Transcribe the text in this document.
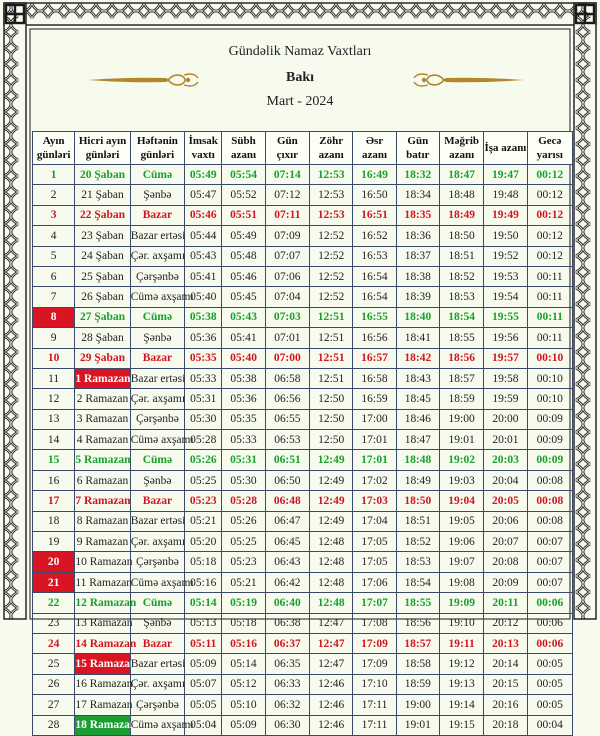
Gündəlik Namaz Vaxtları
Bakı
Mart - 2024
Ayın günləri	Hicri ayın günləri	Həftənin günləri	İmsak vaxtı	Sübh azanı	Gün çıxır	Zöhr azanı	Əsr azanı	Gün batır	Məğrib azanı	İşa azanı	Gecə yarısı
1	20 Şaban	Cümə	05:49	05:54	07:14	12:53	16:49	18:32	18:47	19:47	00:12
2	21 Şaban	Şənbə	05:47	05:52	07:12	12:53	16:50	18:34	18:48	19:48	00:12
3	22 Şaban	Bazar	05:46	05:51	07:11	12:53	16:51	18:35	18:49	19:49	00:12
4	23 Şaban	Bazar ertəsi	05:44	05:49	07:09	12:52	16:52	18:36	18:50	19:50	00:12
5	24 Şaban	Çər. axşamı	05:43	05:48	07:07	12:52	16:53	18:37	18:51	19:52	00:12
6	25 Şaban	Çərşənbə	05:41	05:46	07:06	12:52	16:54	18:38	18:52	19:53	00:11
7	26 Şaban	Cümə axşamı	05:40	05:45	07:04	12:52	16:54	18:39	18:53	19:54	00:11
8	27 Şaban	Cümə	05:38	05:43	07:03	12:51	16:55	18:40	18:54	19:55	00:11
9	28 Şaban	Şənbə	05:36	05:41	07:01	12:51	16:56	18:41	18:55	19:56	00:11
10	29 Şaban	Bazar	05:35	05:40	07:00	12:51	16:57	18:42	18:56	19:57	00:10
11	1 Ramazan	Bazar ertəsi	05:33	05:38	06:58	12:51	16:58	18:43	18:57	19:58	00:10
12	2 Ramazan	Çər. axşamı	05:31	05:36	06:56	12:50	16:59	18:45	18:59	19:59	00:10
13	3 Ramazan	Çərşənbə	05:30	05:35	06:55	12:50	17:00	18:46	19:00	20:00	00:09
14	4 Ramazan	Cümə axşamı	05:28	05:33	06:53	12:50	17:01	18:47	19:01	20:01	00:09
15	5 Ramazan	Cümə	05:26	05:31	06:51	12:49	17:01	18:48	19:02	20:03	00:09
16	6 Ramazan	Şənbə	05:25	05:30	06:50	12:49	17:02	18:49	19:03	20:04	00:08
17	7 Ramazan	Bazar	05:23	05:28	06:48	12:49	17:03	18:50	19:04	20:05	00:08
18	8 Ramazan	Bazar ertəsi	05:21	05:26	06:47	12:49	17:04	18:51	19:05	20:06	00:08
19	9 Ramazan	Çər. axşamı	05:20	05:25	06:45	12:48	17:05	18:52	19:06	20:07	00:07
20	10 Ramazan	Çərşənbə	05:18	05:23	06:43	12:48	17:05	18:53	19:07	20:08	00:07
21	11 Ramazan	Cümə axşamı	05:16	05:21	06:42	12:48	17:06	18:54	19:08	20:09	00:07
22	12 Ramazan	Cümə	05:14	05:19	06:40	12:48	17:07	18:55	19:09	20:11	00:06
23	13 Ramazan	Şənbə	05:13	05:18	06:38	12:47	17:08	18:56	19:10	20:12	00:06
24	14 Ramazan	Bazar	05:11	05:16	06:37	12:47	17:09	18:57	19:11	20:13	00:06
25	15 Ramazan	Bazar ertəsi	05:09	05:14	06:35	12:47	17:09	18:58	19:12	20:14	00:05
26	16 Ramazan	Çər. axşamı	05:07	05:12	06:33	12:46	17:10	18:59	19:13	20:15	00:05
27	17 Ramazan	Çərşənbə	05:05	05:10	06:32	12:46	17:11	19:00	19:14	20:16	00:05
28	18 Ramazan	Cümə axşamı	05:04	05:09	06:30	12:46	17:11	19:01	19:15	20:18	00:04
